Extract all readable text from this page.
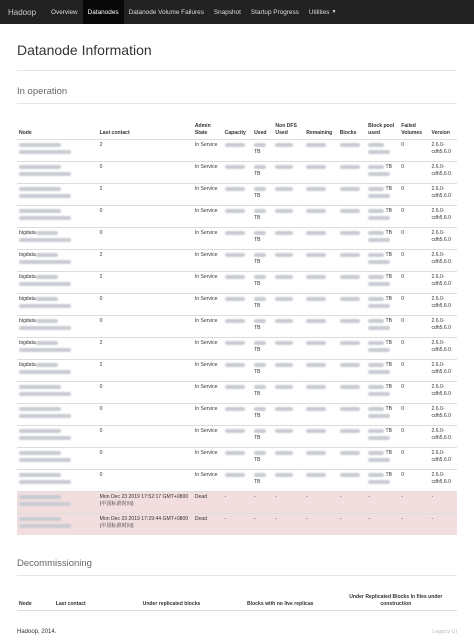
Hadoop	Overview	Datanodes	Datanode Volume Failures	Snapshot	Startup Progress	Utilities ▼
Datanode Information
In operation
Node	Last contact	Admin State	Capacity	Used	Non DFS Used	Remaining	Blocks	Block pool used	Failed Volumes	Version

	2	In Service		TB					0	2.6.0-cdh5.6.0

	0	In Service		TB				TB	0	2.6.0-cdh5.6.0

	2	In Service		TB				TB	0	2.6.0-cdh5.6.0

	0	In Service		TB				TB	0	2.6.0-cdh5.6.0
bigdata	0	In Service		TB				TB	0	2.6.0-cdh5.6.0
bigdata	2	In Service		TB				TB	0	2.6.0-cdh5.6.0
bigdata	2	In Service		TB				TB	0	2.6.0-cdh5.6.0
bigdata	0	In Service		TB				TB	0	2.6.0-cdh5.6.0
bigdata	0	In Service		TB				TB	0	2.6.0-cdh5.6.0
bigdata	2	In Service		TB				TB	0	2.6.0-cdh5.6.0
bigdata	2	In Service		TB				TB	0	2.6.0-cdh5.6.0

	0	In Service		TB				TB	0	2.6.0-cdh5.6.0

	0	In Service		TB				TB	0	2.6.0-cdh5.6.0

	0	In Service		TB				TB	0	2.6.0-cdh5.6.0

	0	In Service		TB				TB	0	2.6.0-cdh5.6.0

	0	In Service		TB				TB	0	2.6.0-cdh5.6.0

	Mon Dec 23 2019 17:52:17 GMT+0800 (中国标准时间)	Dead	-	-	-	-	-	-	-	-

	Mon Dec 23 2019 17:29:44 GMT+0800 (中国标准时间)	Dead	-	-	-	-	-	-	-	-
Decommissioning
Node	Last contact	Under replicated blocks	Blocks with no live replicas	Under Replicated Blocks In files under construction
Hadoop, 2014.	Legacy UI
